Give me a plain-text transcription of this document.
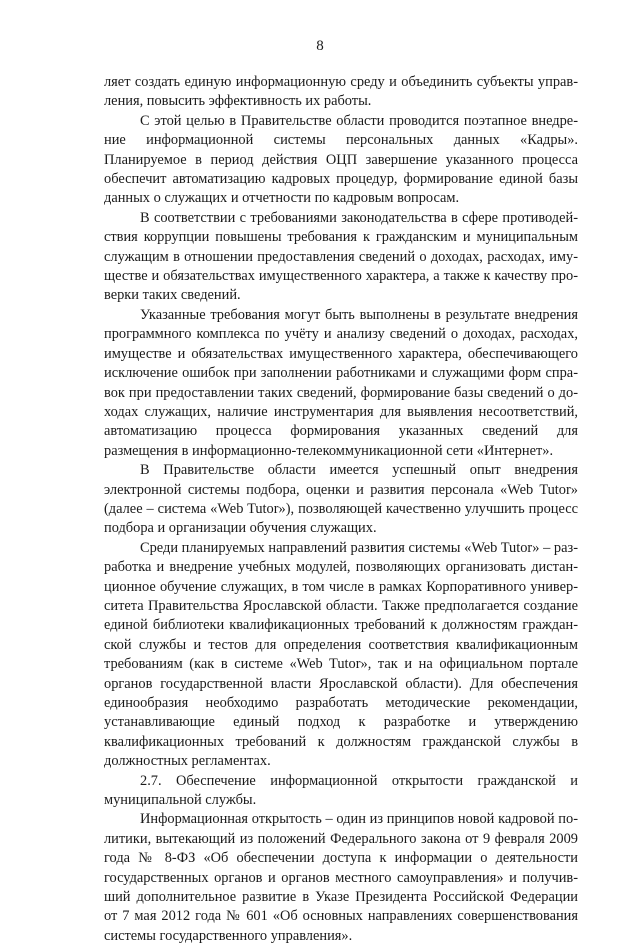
8

ляет создать единую информационную среду и объединить субъекты управления, повысить эффективность их работы.

С этой целью в Правительстве области проводится поэтапное внедрение информационной системы персональных данных «Кадры». Планируемое в период действия ОЦП завершение указанного процесса обеспечит автоматизацию кадровых процедур, формирование единой базы данных о служащих и отчетности по кадровым вопросам.

В соответствии с требованиями законодательства в сфере противодействия коррупции повышены требования к гражданским и муниципальным служащим в отношении предоставления сведений о доходах, расходах, имуществе и обязательствах имущественного характера, а также к качеству проверки таких сведений.

Указанные требования могут быть выполнены в результате внедрения программного комплекса по учёту и анализу сведений о доходах, расходах, имуществе и обязательствах имущественного характера, обеспечивающего исключение ошибок при заполнении работниками и служащими форм справок при предоставлении таких сведений, формирование базы сведений о доходах служащих, наличие инструментария для выявления несоответствий, автоматизацию процесса формирования указанных сведений для размещения в информационно-телекоммуникационной сети «Интернет».

В Правительстве области имеется успешный опыт внедрения электронной системы подбора, оценки и развития персонала «Web Tutor» (далее – система «Web Tutor»), позволяющей качественно улучшить процесс подбора и организации обучения служащих.

Среди планируемых направлений развития системы «Web Tutor» – разработка и внедрение учебных модулей, позволяющих организовать дистанционное обучение служащих, в том числе в рамках Корпоративного университета Правительства Ярославской области. Также предполагается создание единой библиотеки квалификационных требований к должностям гражданской службы и тестов для определения соответствия квалификационным требованиям (как в системе «Web Tutor», так и на официальном портале органов государственной власти Ярославской области). Для обеспечения единообразия необходимо разработать методические рекомендации, устанавливающие единый подход к разработке и утверждению квалификационных требований к должностям гражданской службы в должностных регламентах.

2.7. Обеспечение информационной открытости гражданской и муниципальной службы.

Информационная открытость – один из принципов новой кадровой политики, вытекающий из положений Федерального закона от 9 февраля 2009 года № 8-ФЗ «Об обеспечении доступа к информации о деятельности государственных органов и органов местного самоуправления» и получивший дополнительное развитие в Указе Президента Российской Федерации от 7 мая 2012 года № 601 «Об основных направлениях совершенствования системы государственного управления».
